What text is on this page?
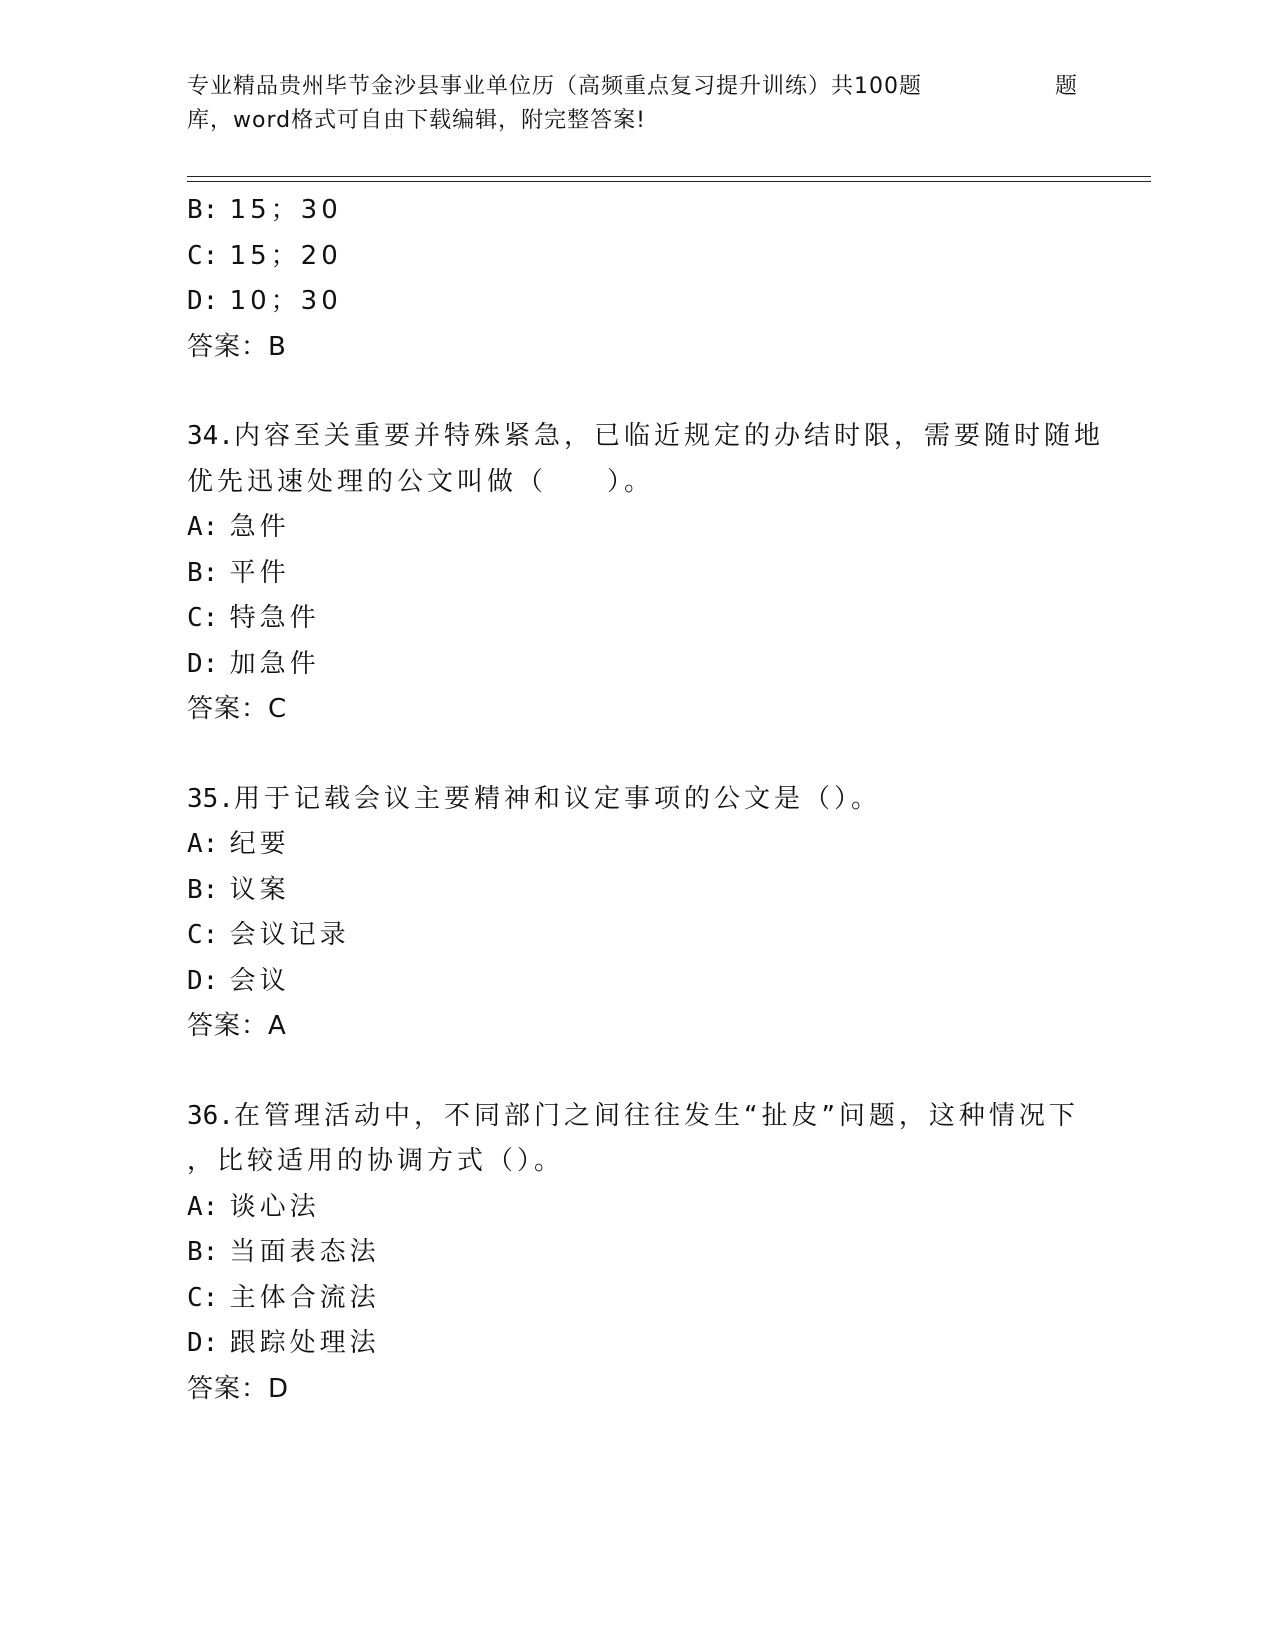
专业精品贵州毕节金沙县事业单位历（高频重点复习提升训练）共100题	题
库，word格式可自由下载编辑，附完整答案!
B: 15；30
C: 15；20
D: 10；30
答案：B
34.内容至关重要并特殊紧急，已临近规定的办结时限，需要随时随地
优先迅速处理的公文叫做（　　）。
A: 急件
B: 平件
C: 特急件
D: 加急件
答案：C
35.用于记载会议主要精神和议定事项的公文是（）。
A: 纪要
B: 议案
C: 会议记录
D: 会议
答案：A
36.在管理活动中，不同部门之间往往发生“扯皮”问题，这种情况下
，比较适用的协调方式（）。
A: 谈心法
B: 当面表态法
C: 主体合流法
D: 跟踪处理法
答案：D
